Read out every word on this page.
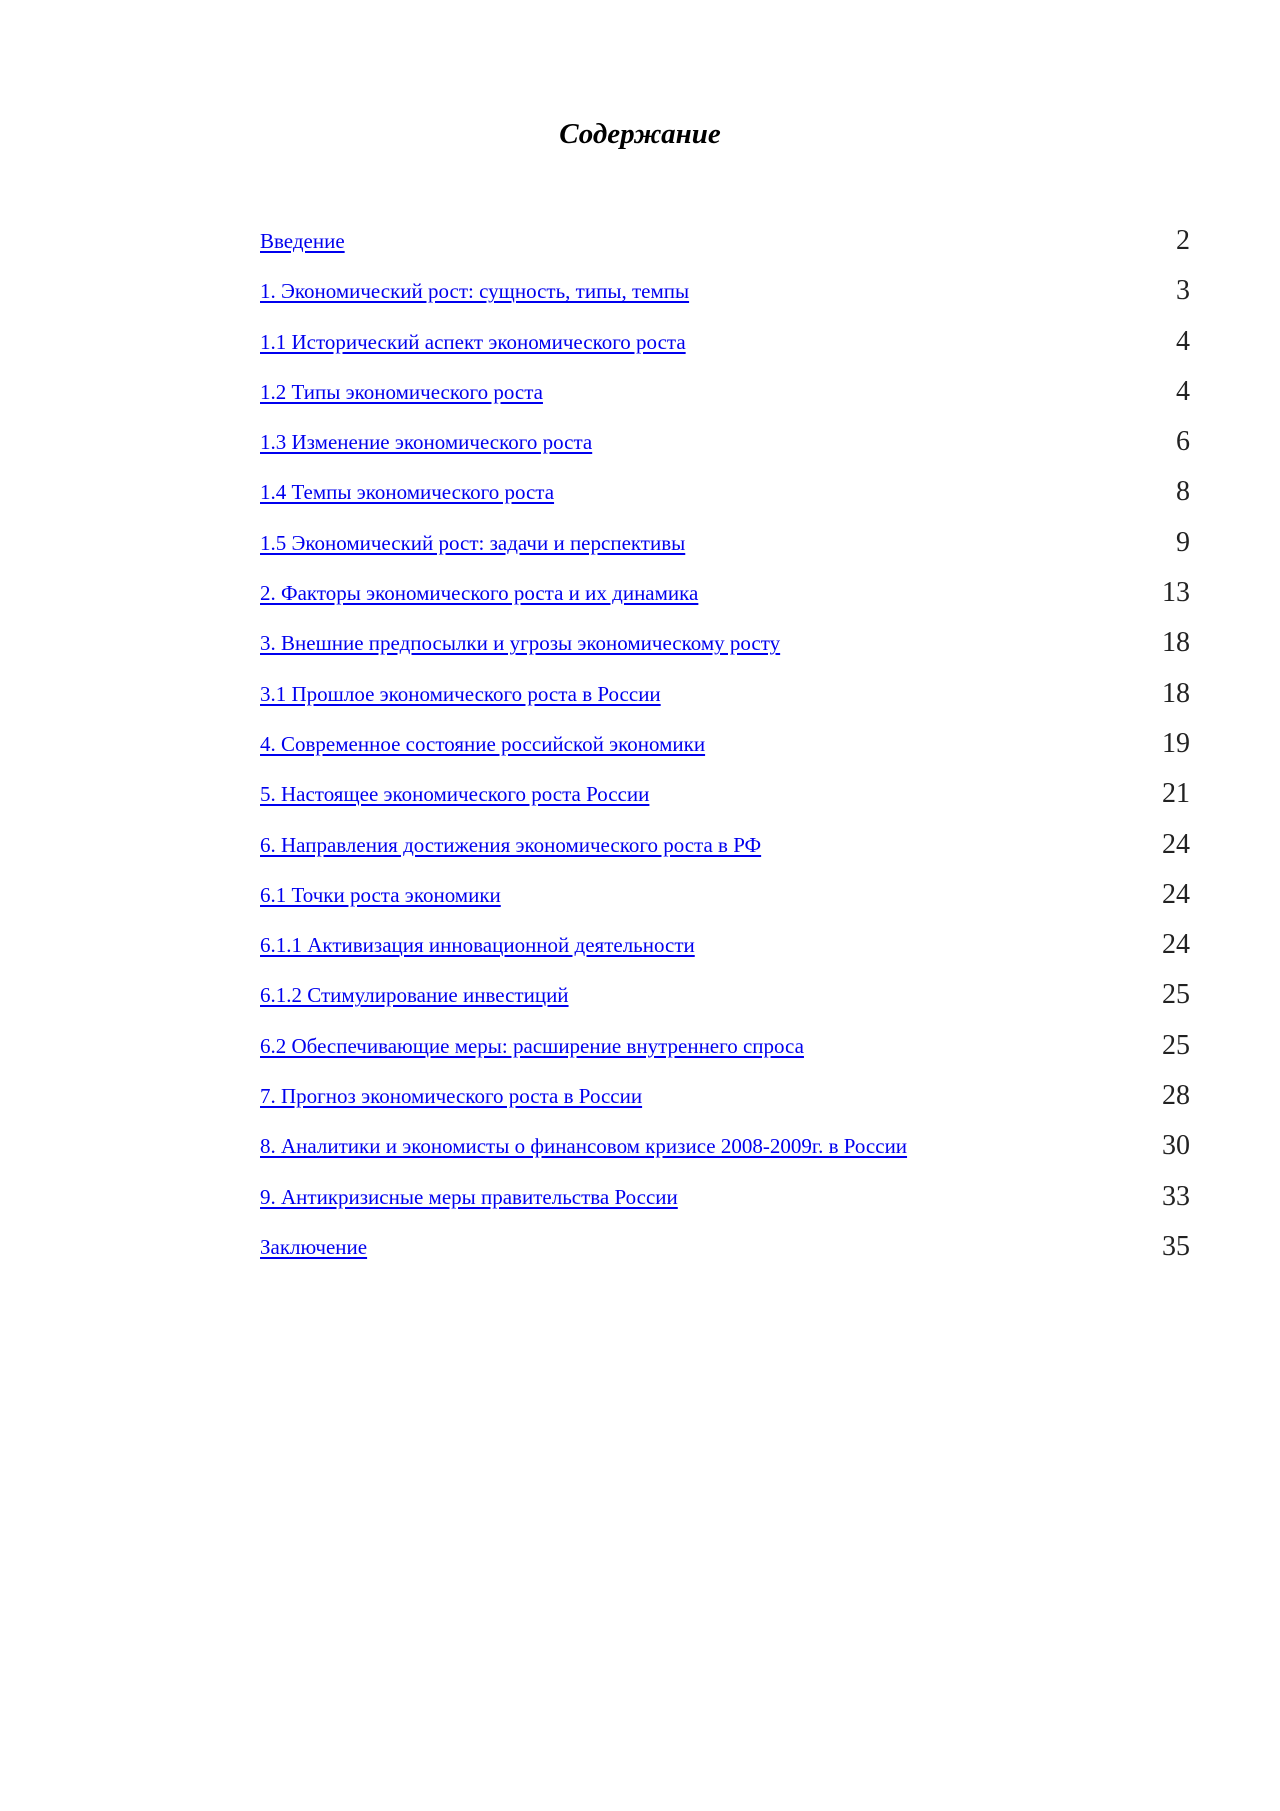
Содержание
Введение	2
1. Экономический рост: сущность, типы, темпы	3
1.1 Исторический аспект экономического роста	4
1.2 Типы экономического роста	4
1.3 Изменение экономического роста	6
1.4 Темпы экономического роста	8
1.5 Экономический рост: задачи и перспективы	9
2. Факторы экономического роста и их динамика	13
3. Внешние предпосылки и угрозы экономическому росту	18
3.1 Прошлое экономического роста в России	18
4. Современное состояние российской экономики	19
5. Настоящее экономического роста России	21
6. Направления достижения экономического роста в РФ	24
6.1 Точки роста экономики	24
6.1.1 Активизация инновационной деятельности	24
6.1.2 Стимулирование инвестиций	25
6.2 Обеспечивающие меры: расширение внутреннего спроса	25
7. Прогноз экономического роста в России	28
8. Аналитики и экономисты о финансовом кризисе 2008-2009г. в России	30
9. Антикризисные меры правительства России	33
Заключение	35
